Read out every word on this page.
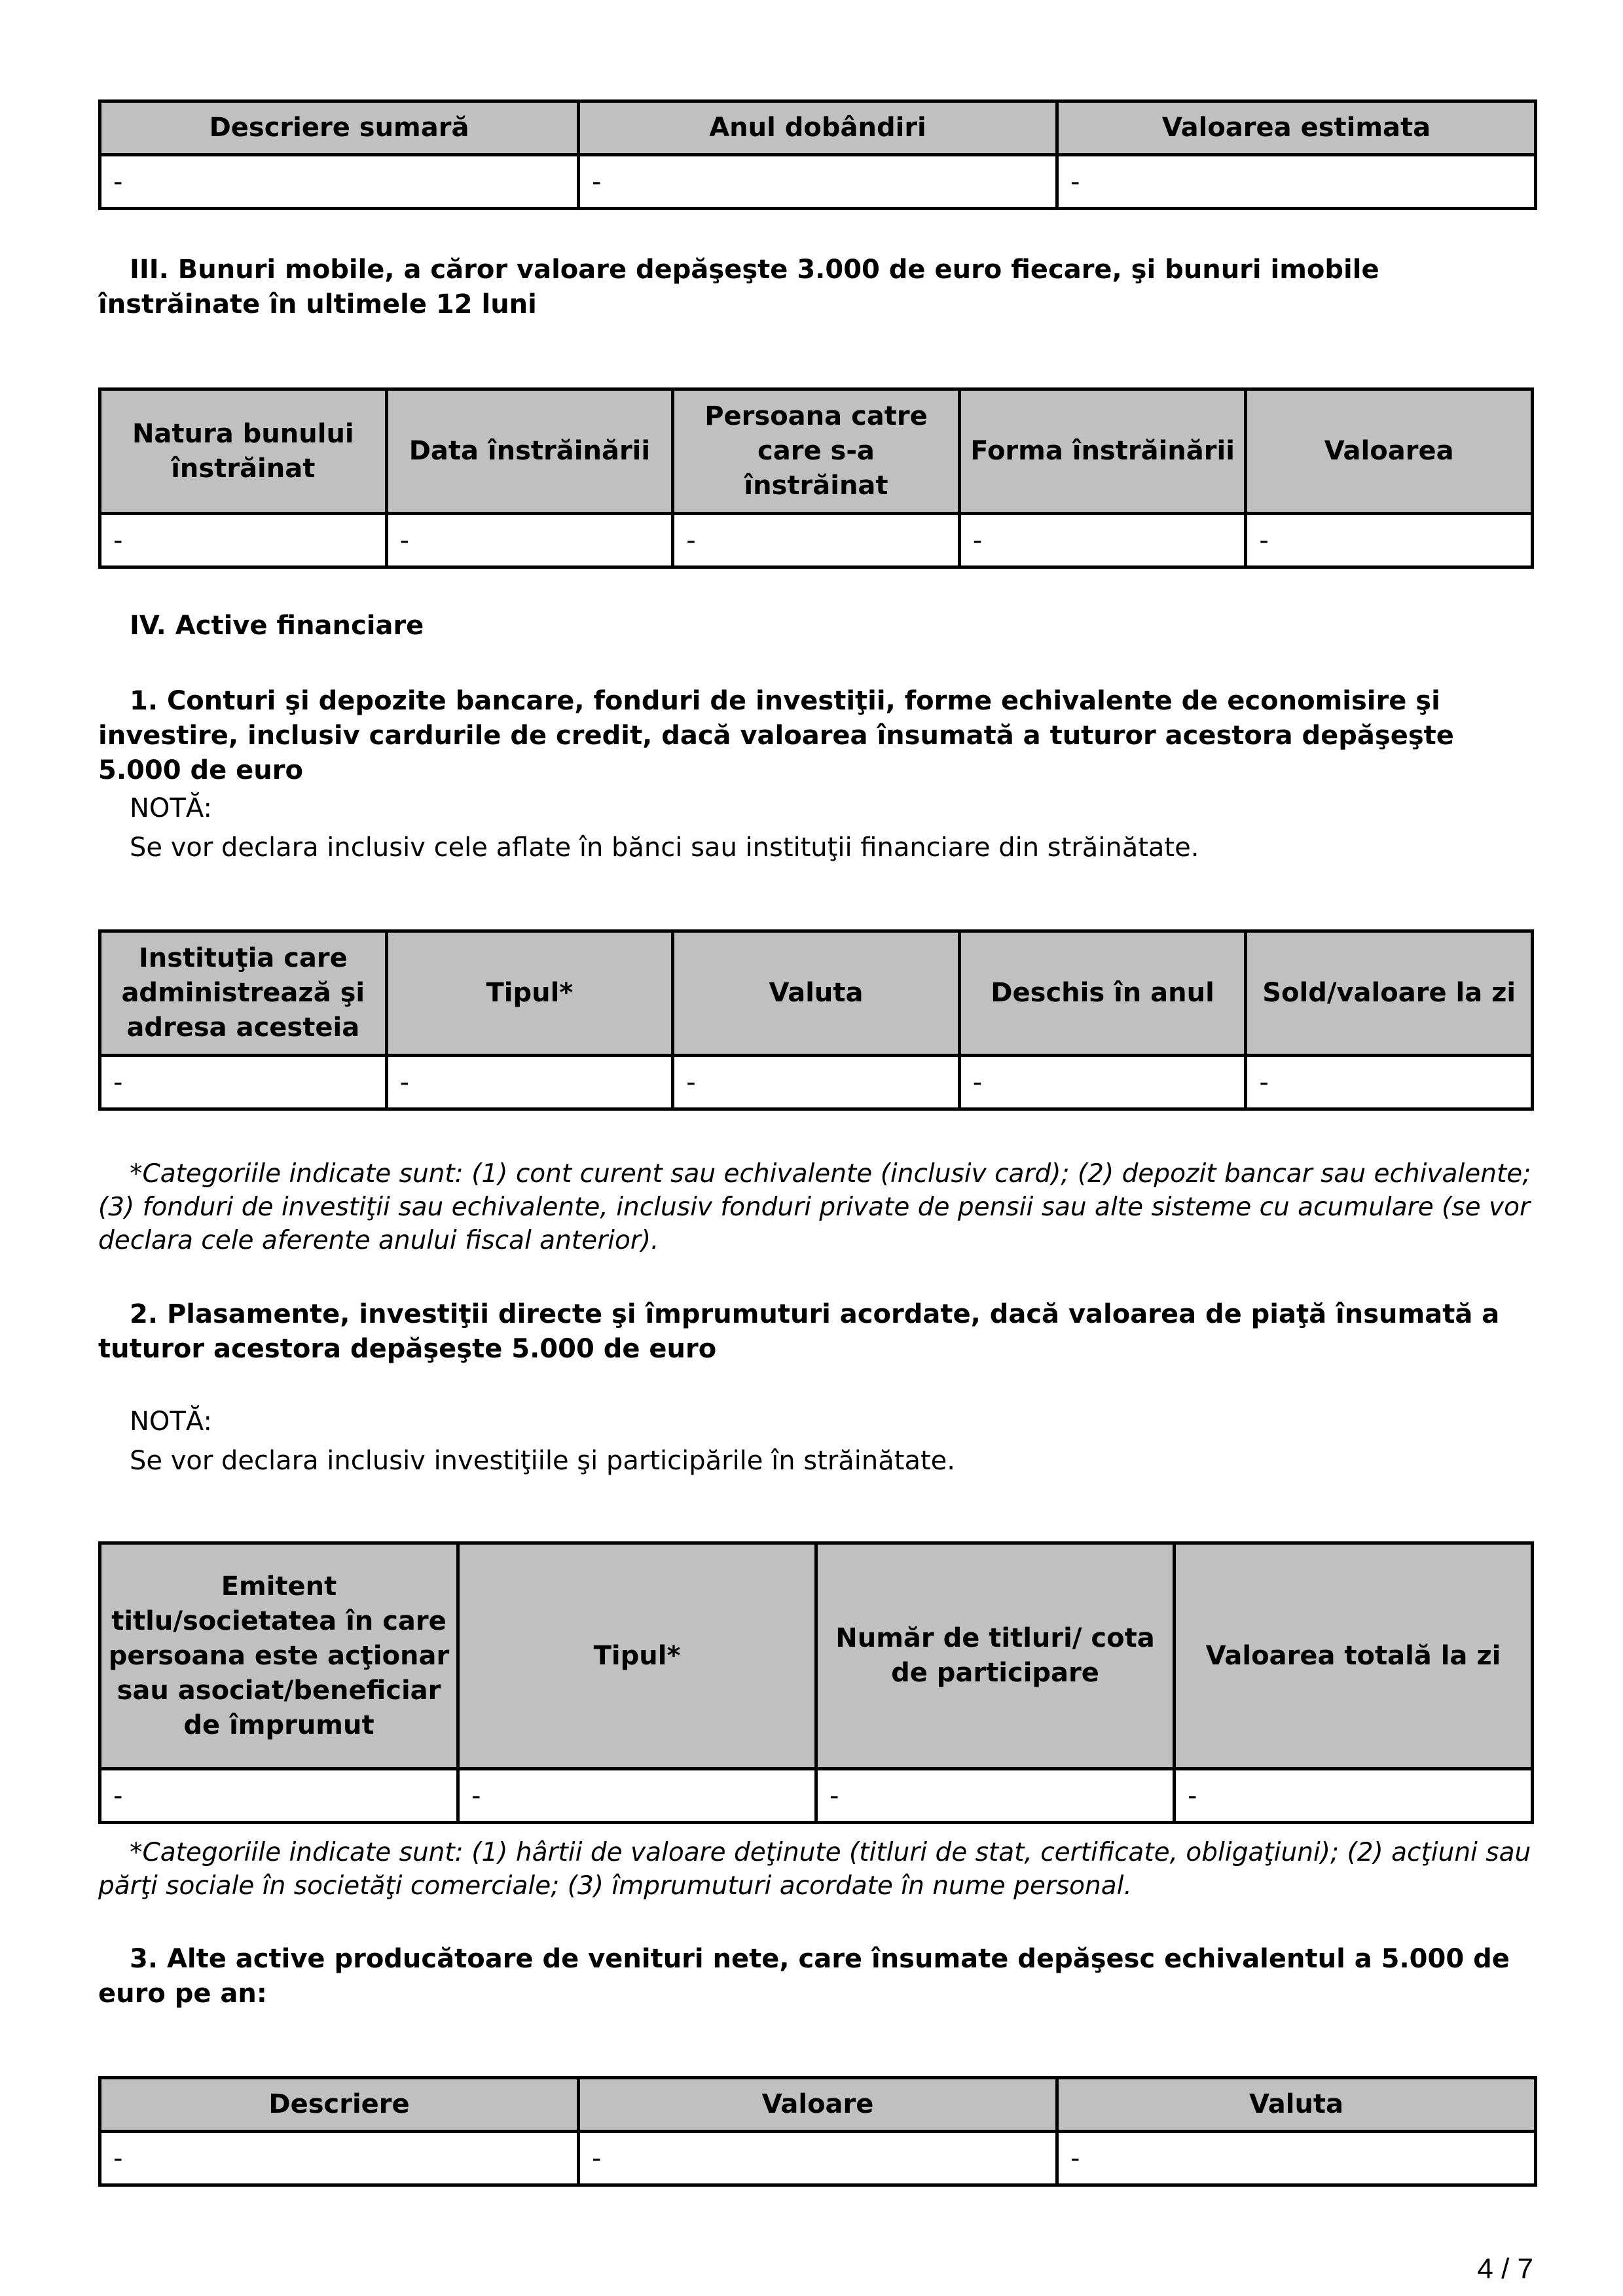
Descriere sumară	Anul dobândiri	Valoarea estimata
-	-	-
III. Bunuri mobile, a căror valoare depăşeşte 3.000 de euro fiecare, şi bunuri imobile înstrăinate în ultimele 12 luni
Natura bunului înstrăinat	Data înstrăinării	Persoana catre care s-a înstrăinat	Forma înstrăinării	Valoarea
-	-	-	-	-
IV. Active financiare
1. Conturi şi depozite bancare, fonduri de investiţii, forme echivalente de economisire şi investire, inclusiv cardurile de credit, dacă valoarea însumată a tuturor acestora depăşeşte 5.000 de euro
NOTĂ:
Se vor declara inclusiv cele aflate în bănci sau instituţii financiare din străinătate.
Instituţia care administrează şi adresa acesteia	Tipul*	Valuta	Deschis în anul	Sold/valoare la zi
-	-	-	-	-
*Categoriile indicate sunt: (1) cont curent sau echivalente (inclusiv card); (2) depozit bancar sau echivalente; (3) fonduri de investiţii sau echivalente, inclusiv fonduri private de pensii sau alte sisteme cu acumulare (se vor declara cele aferente anului fiscal anterior).
2. Plasamente, investiţii directe şi împrumuturi acordate, dacă valoarea de piaţă însumată a tuturor acestora depăşeşte 5.000 de euro
NOTĂ:
Se vor declara inclusiv investiţiile şi participările în străinătate.
Emitent titlu/societatea în care persoana este acţionar sau asociat/beneficiar de împrumut	Tipul*	Număr de titluri/ cota de participare	Valoarea totală la zi
-	-	-	-
*Categoriile indicate sunt: (1) hârtii de valoare deţinute (titluri de stat, certificate, obligaţiuni); (2) acţiuni sau părţi sociale în societăţi comerciale; (3) împrumuturi acordate în nume personal.
3. Alte active producătoare de venituri nete, care însumate depăşesc echivalentul a 5.000 de euro pe an:
Descriere	Valoare	Valuta
-	-	-
4 / 7
